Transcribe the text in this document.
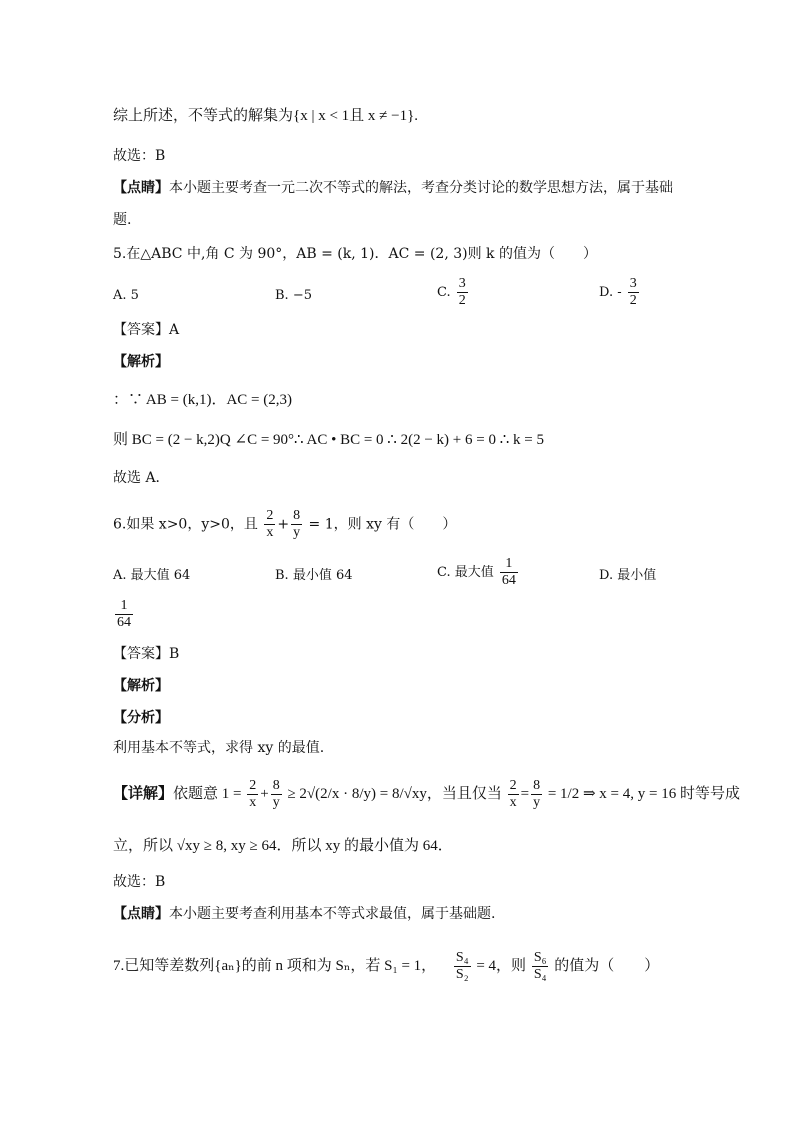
综上所述，不等式的解集为{x | x < 1且 x ≠ −1}.
故选：B
【点睛】本小题主要考查一元二次不等式的解法，考查分类讨论的数学思想方法，属于基础
题.
5.在△ABC 中,角 C 为 90°，AB = (k, 1)．AC = (2, 3)则 k 的值为（　　）
A. 5	B. −5	C. $\frac{3}{2}$	D. - $\frac{3}{2}$
【答案】A
【解析】
：∵ AB = (k,1)．AC = (2,3)
则 BC = (2 − k,2)Q ∠C = 90°∴ AC • BC = 0 ∴ 2(2 − k) + 6 = 0 ∴ k = 5
故选 A．
6.如果 x>0，y>0，且 $\frac{2}{x} + \frac{8}{y} = 1$，则 xy 有（　　）
A. 最大值 64	B. 最小值 64	C. 最大值 $\frac{1}{64}$	D. 最小值
$\frac{1}{64}$
【答案】B
【解析】
【分析】
利用基本不等式，求得 xy 的最值.
【详解】依题意 $1 = \frac{2}{x} + \frac{8}{y} \ge 2√(2/x \cdot 8/y) = 8/√xy$，当且仅当 $\frac{2}{x} = \frac{8}{y} = 1/2$ ⇒ x = 4, y = 16 时等号成
立，所以 √xy ≥ 8, xy ≥ 64．所以 xy 的最小值为 64．
故选：B
【点睛】本小题主要考查利用基本不等式求最值，属于基础题.
7.已知等差数列{aₙ}的前 n 项和为 Sₙ，若 S₁ = 1， $\frac{\text{S₄}}{\text{S₂}} = 4$，则 $\frac{\text{S₆}}{\text{S₄}}$ 的值为（　　）
